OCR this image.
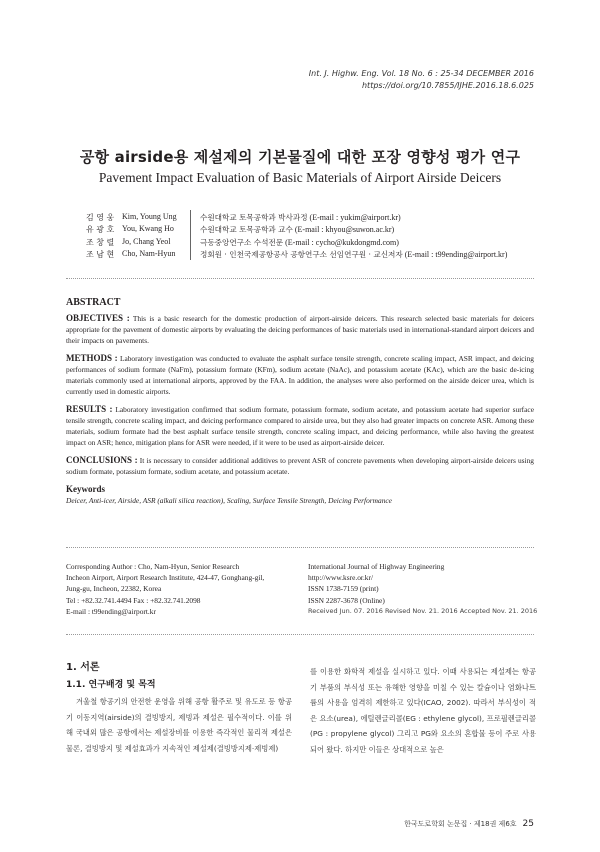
Int. J. Highw. Eng. Vol. 18 No. 6 : 25-34 DECEMBER 2016
https://doi.org/10.7855/IJHE.2016.18.6.025
공항 airside용 제설제의 기본물질에 대한 포장 영향성 평가 연구
Pavement Impact Evaluation of Basic Materials of Airport Airside Deicers
김 영 웅 Kim, Young Ung	수원대학교 토목공학과 박사과정 (E-mail : yukim@airport.kr)
유 광 호 You, Kwang Ho	수원대학교 토목공학과 교수 (E-mail : khyou@suwon.ac.kr)
조 창 렬 Jo, Chang Yeol	극동중앙연구소 수석전문 (E-mail : cycho@kukdongmd.com)
조 남 현 Cho, Nam-Hyun	정회원 · 인천국제공항공사 공항연구소 선임연구원 · 교신저자 (E-mail : t99ending@airport.kr)
ABSTRACT

OBJECTIVES : This is a basic research for the domestic production of airport-airside deicers. This research selected basic materials for deicers appropriate for the pavement of domestic airports by evaluating the deicing performances of basic materials used in international-standard airport deicers and their impacts on pavements.

METHODS : Laboratory investigation was conducted to evaluate the asphalt surface tensile strength, concrete scaling impact, ASR impact, and deicing performances of sodium formate (NaFm), potassium formate (KFm), sodium acetate (NaAc), and potassium acetate (KAc), which are the basic de-icing materials commonly used at international airports, approved by the FAA. In addition, the analyses were also performed on the airside deicer urea, which is currently used in domestic airports.

RESULTS : Laboratory investigation confirmed that sodium formate, potassium formate, sodium acetate, and potassium acetate had superior surface tensile strength, concrete scaling impact, and deicing performance compared to airside urea, but they also had greater impacts on concrete ASR. Among these materials, sodium formate had the best asphalt surface tensile strength, concrete scaling impact, and deicing performance, while also having the greatest impact on ASR; hence, mitigation plans for ASR were needed, if it were to be used as airport-airside deicer.

CONCLUSIONS : It is necessary to consider additional additives to prevent ASR of concrete pavements when developing airport-airside deicers using sodium formate, potassium formate, sodium acetate, and potassium acetate.

Keywords

Deicer, Anti-icer, Airside, ASR (alkali silica reaction), Scaling, Surface Tensile Strength, Deicing Performance

Corresponding Author : Cho, Nam-Hyun, Senior Research
Incheon Airport, Airport Research Institute, 424-47, Gonghang-gil,
Jung-gu, Incheon, 22382, Korea
Tel : +82.32.741.4494 Fax : +82.32.741.2098
E-mail : t99ending@airport.kr
International Journal of Highway Engineering
http://www.ksre.or.kr/
ISSN 1738-7159 (print)
ISSN 2287-3678 (Online)
Received Jun. 07. 2016 Revised Nov. 21. 2016 Accepted Nov. 21. 2016
1. 서론
1.1. 연구배경 및 목적

겨울철 항공기의 안전한 운영을 위해 공항 활주로 및 유도로 등 항공기 이동지역(airside)의 결빙방지, 제빙과 제설은 필수적이다. 이를 위해 국내외 많은 공항에서는 제설장비를 이용한 즉각적인 물리적 제설은 물론, 결빙방지 및 제설효과가 지속적인 제설제(결빙방지제·제빙제)

를 이용한 화학적 제설을 실시하고 있다. 이때 사용되는 제설제는 항공기 부품의 부식성 또는 유해한 영향을 미칠 수 있는 칼슘이나 염화나트륨의 사용을 엄격히 제한하고 있다(ICAO, 2002). 따라서 부식성이 적은 요소(urea), 에틸렌글리콜(EG : ethylene glycol), 프로필렌글리콜(PG : propylene glycol) 그리고 PG와 요소의 혼합물 등이 주로 사용되어 왔다. 하지만 이들은 상대적으로 높은

한국도로학회 논문집 · 제18권 제6호 25
